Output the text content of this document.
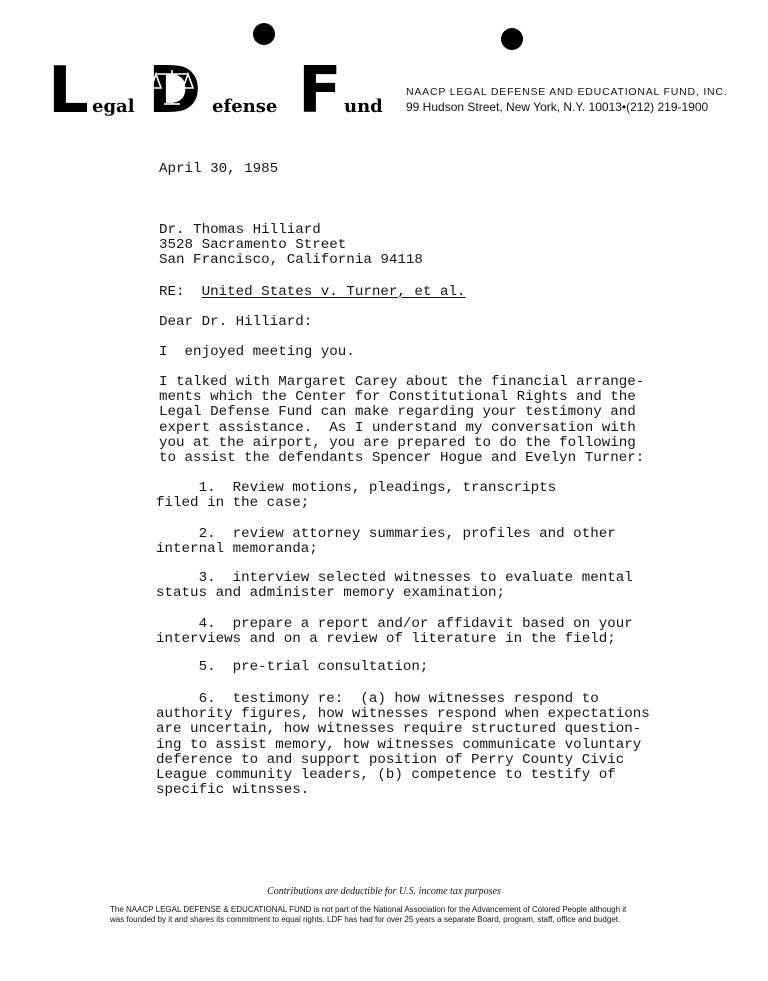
L egal D efense F und
NAACP LEGAL DEFENSE AND EDUCATIONAL FUND, INC.
99 Hudson Street, New York, N.Y. 10013•(212) 219-1900
April 30, 1985
Dr. Thomas Hilliard
3528 Sacramento Street
San Francisco, California 94118
RE: United States v. Turner, et al.
Dear Dr. Hilliard:
I  enjoyed meeting you.
I talked with Margaret Carey about the financial arrange-
ments which the Center for Constitutional Rights and the
Legal Defense Fund can make regarding your testimony and
expert assistance.  As I understand my conversation with
you at the airport, you are prepared to do the following
to assist the defendants Spencer Hogue and Evelyn Turner:
1.  Review motions, pleadings, transcripts
filed in the case;
2.  review attorney summaries, profiles and other
internal memoranda;
3.  interview selected witnesses to evaluate mental
status and administer memory examination;
4.  prepare a report and/or affidavit based on your
interviews and on a review of literature in the field;
5.  pre-trial consultation;
6.  testimony re:  (a) how witnesses respond to
authority figures, how witnesses respond when expectations
are uncertain, how witnesses require structured question-
ing to assist memory, how witnesses communicate voluntary
deference to and support position of Perry County Civic
League community leaders, (b) competence to testify of
specific witnsses.
Contributions are deductible for U.S. income tax purposes
The NAACP LEGAL DEFENSE & EDUCATIONAL FUND is not part of the National Association for the Advancement of Colored People although it
was founded by it and shares its commitment to equal rights. LDF has had for over 25 years a separate Board, program, staff, office and budget.
